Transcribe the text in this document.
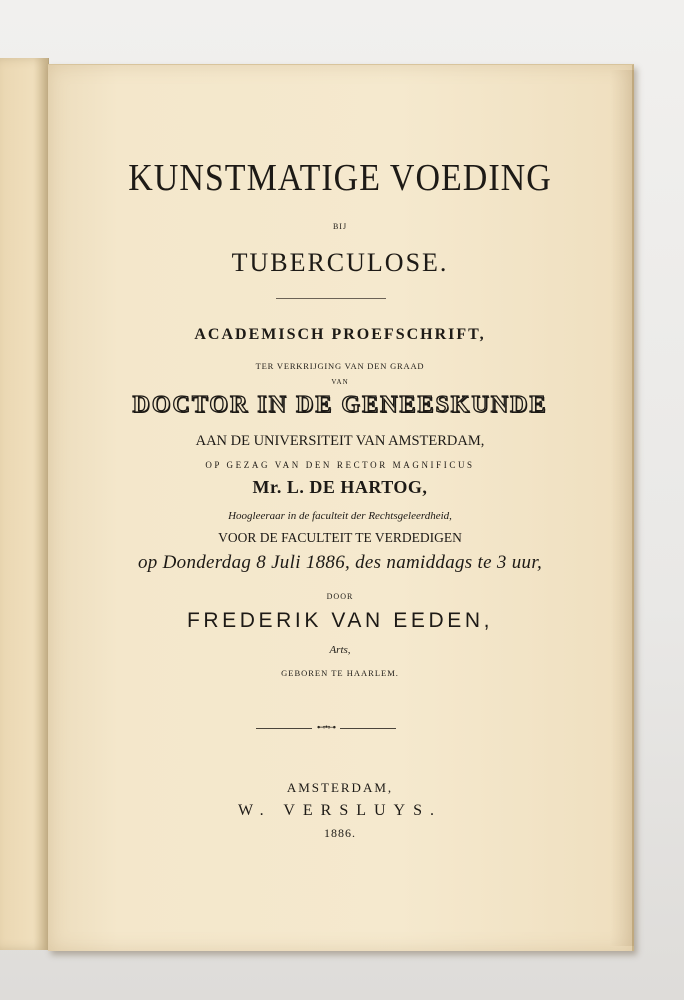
KUNSTMATIGE VOEDING

BIJ

TUBERCULOSE.

ACADEMISCH PROEFSCHRIFT,

TER VERKRIJGING VAN DEN GRAAD

VAN

DOCTOR IN DE GENEESKUNDE

AAN DE UNIVERSITEIT VAN AMSTERDAM,

OP GEZAG VAN DEN RECTOR MAGNIFICUS

Mr. L. DE HARTOG,

Hoogleeraar in de faculteit der Rechtsgeleerdheid,

VOOR DE FACULTEIT TE VERDEDIGEN

op Donderdag 8 Juli 1886, des namiddags te 3 uur,

DOOR

FREDERIK VAN EEDEN,

Arts,

GEBOREN TE HAARLEM.

⊷•⊶

AMSTERDAM,

W. VERSLUYS.

1886.
